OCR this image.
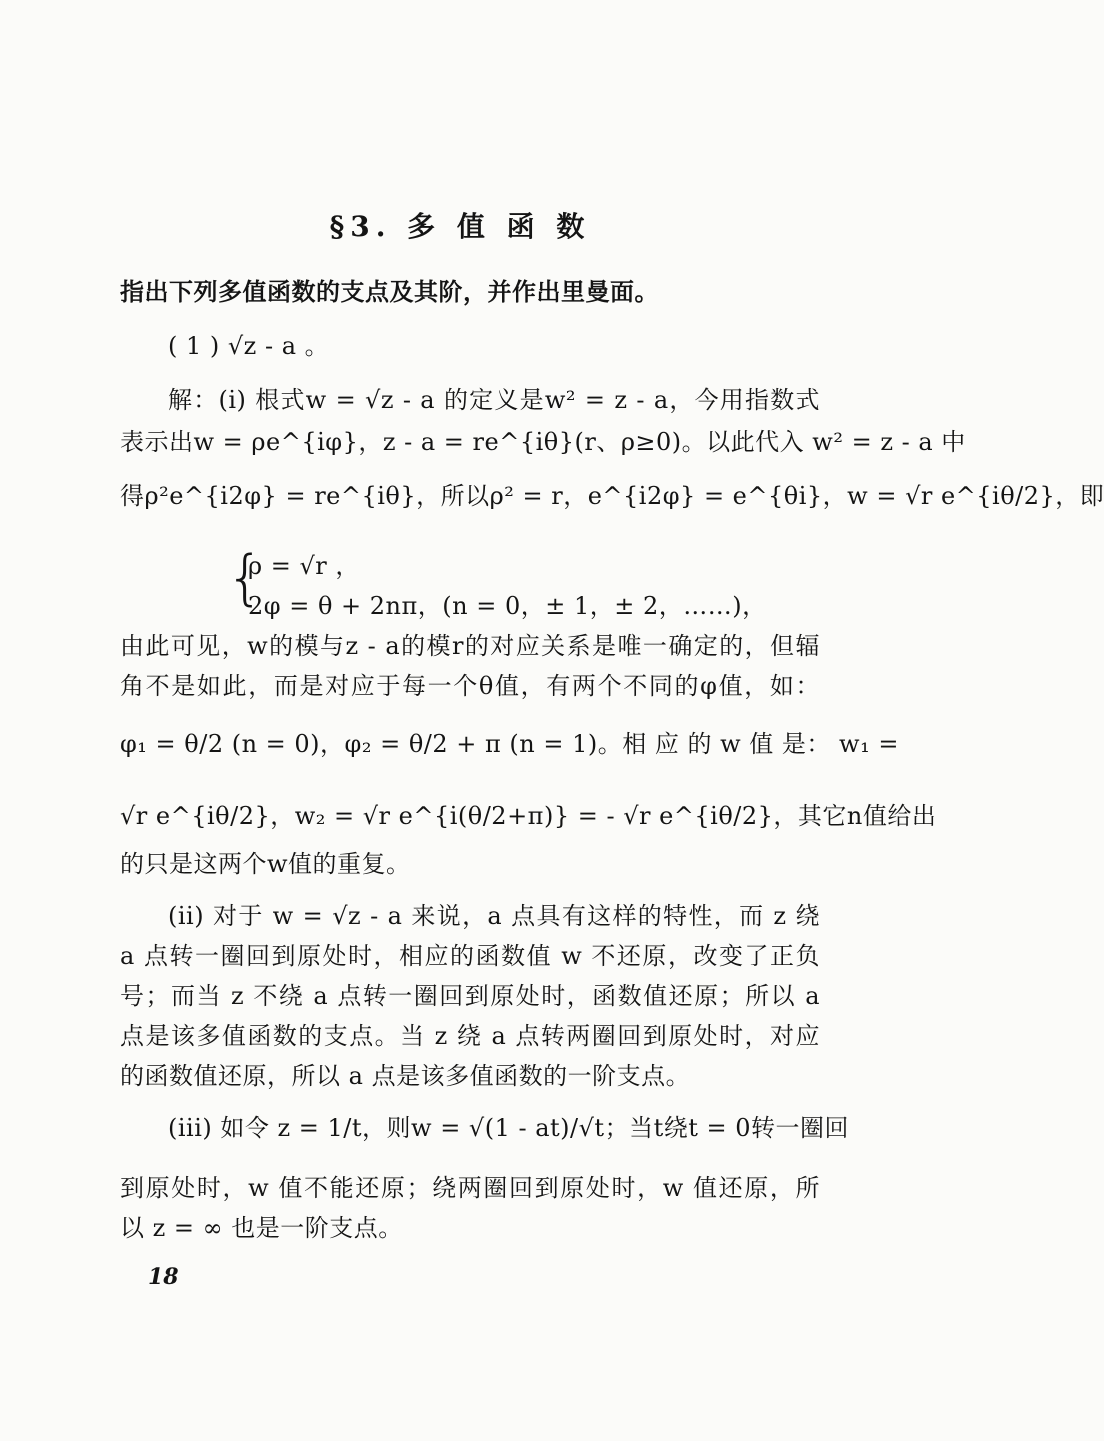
§3. 多 值 函 数
指出下列多值函数的支点及其阶，并作出里曼面。
( 1 ) √z - a 。
解：(i) 根式w = √z - a 的定义是w² = z - a，今用指数式
表示出w = ρe^{iφ}，z - a = re^{iθ}(r、ρ≥0)。以此代入 w² = z - a 中
得ρ²e^{i2φ} = re^{iθ}，所以ρ² = r，e^{i2φ} = e^{θi}，w = √r e^{iθ/2}，即
{
ρ = √r ，
2φ = θ + 2nπ，(n = 0，± 1，± 2，……)，
由此可见，w的模与z - a的模r的对应关系是唯一确定的，但辐
角不是如此，而是对应于每一个θ值，有两个不同的φ值，如：
φ₁ = θ/2 (n = 0)，φ₂ = θ/2 + π (n = 1)。相 应 的 w 值 是： w₁ =
√r e^{iθ/2}，w₂ = √r e^{i(θ/2+π)} = - √r e^{iθ/2}，其它n值给出
的只是这两个w值的重复。
(ii) 对于 w = √z - a 来说，a 点具有这样的特性，而 z 绕
a 点转一圈回到原处时，相应的函数值 w 不还原，改变了正负
号；而当 z 不绕 a 点转一圈回到原处时，函数值还原；所以 a
点是该多值函数的支点。当 z 绕 a 点转两圈回到原处时，对应
的函数值还原，所以 a 点是该多值函数的一阶支点。
(iii) 如令 z = 1/t，则w = √(1 - at)/√t；当t绕t = 0转一圈回
到原处时，w 值不能还原；绕两圈回到原处时，w 值还原，所
以 z = ∞ 也是一阶支点。
18
